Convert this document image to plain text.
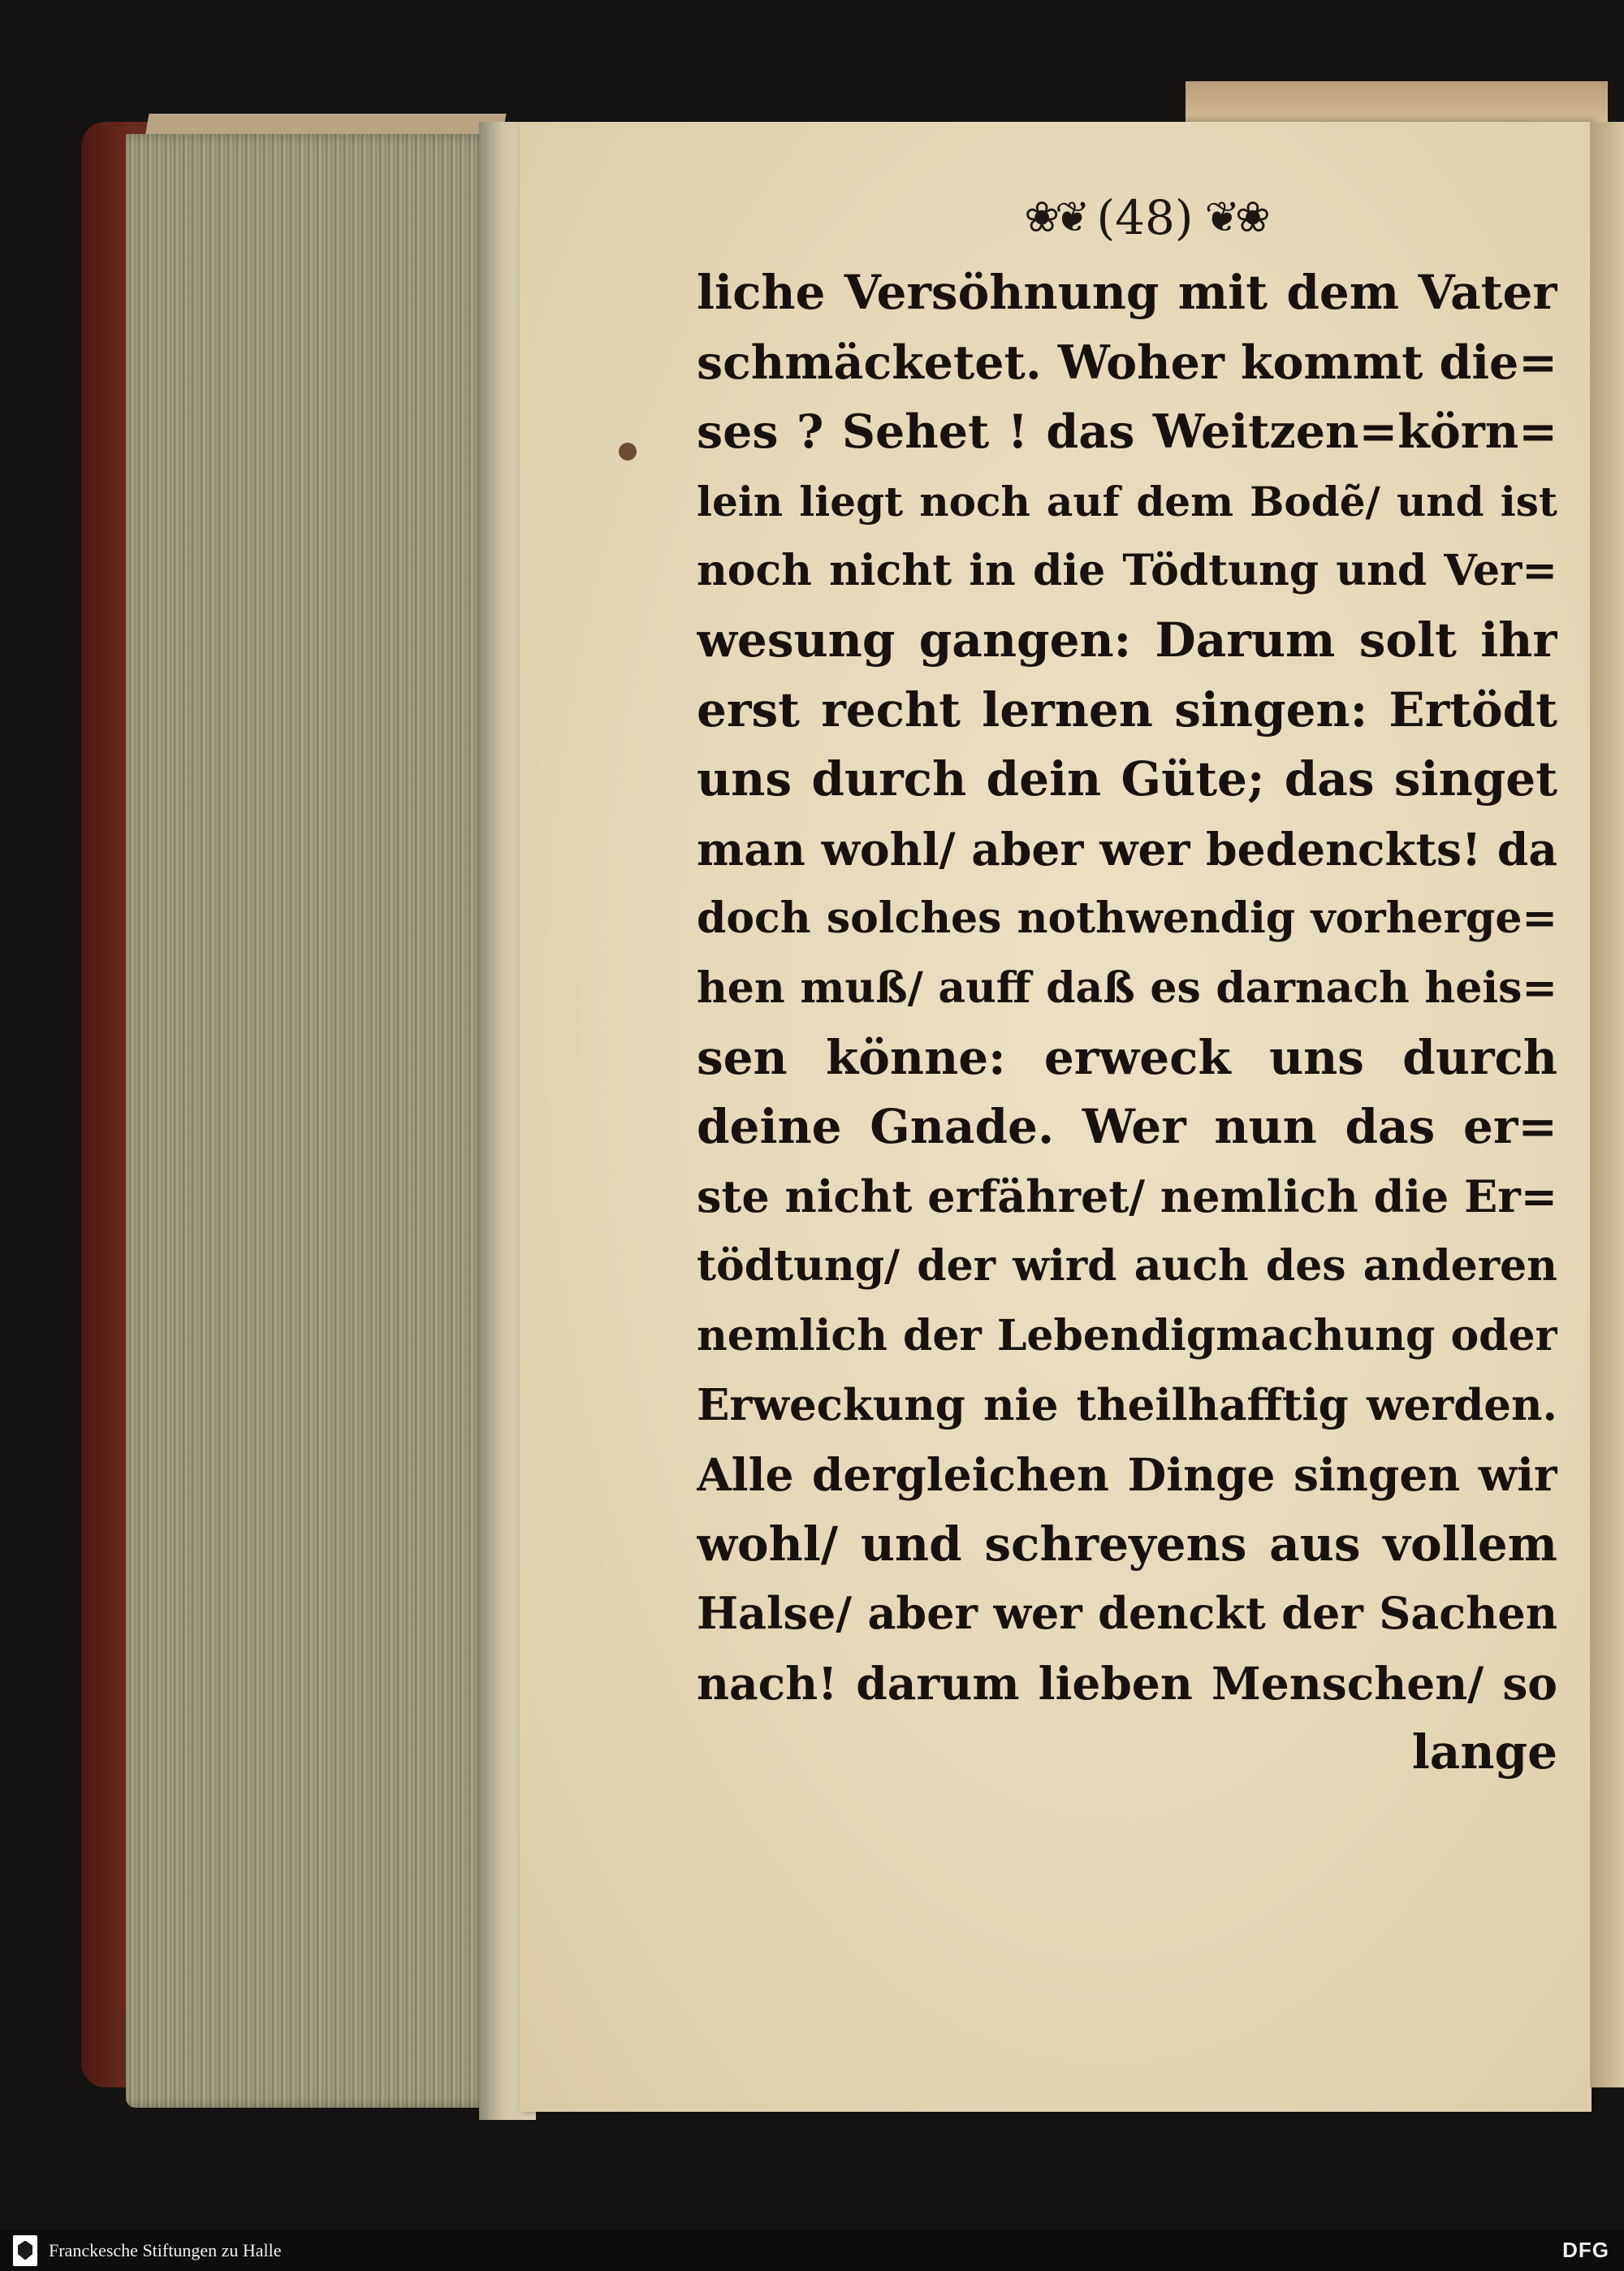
❀❦ (48) ❦❀
liche Versöhnung mit dem Vater
schmäcketet. Woher kommt die=
ses ? Sehet ! das Weitzen=körn=
lein liegt noch auf dem Bodẽ/ und ist
noch nicht in die Tödtung und Ver=
wesung gangen: Darum solt ihr
erst recht lernen singen: Ertödt
uns durch dein Güte; das singet
man wohl/ aber wer bedenckts! da
doch solches nothwendig vorherge=
hen muß/ auff daß es darnach heis=
sen könne: erweck uns durch
deine Gnade. Wer nun das er=
ste nicht erfähret/ nemlich die Er=
tödtung/ der wird auch des anderen
nemlich der Lebendigmachung oder
Erweckung nie theilhafftig werden.
Alle dergleichen Dinge singen wir
wohl/ und schreyens aus vollem
Halse/ aber wer denckt der Sachen
nach! darum lieben Menschen/ so
lange
Franckesche Stiftungen zu Halle	DFG
